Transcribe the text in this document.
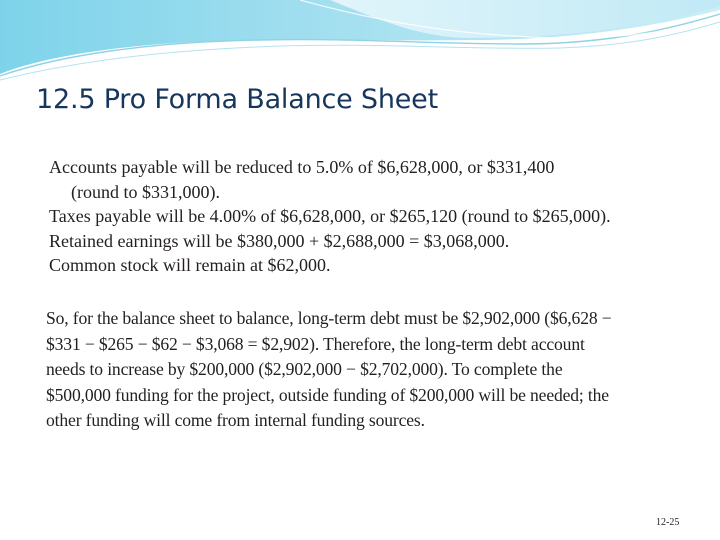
12.5 Pro Forma Balance Sheet
Accounts payable will be reduced to 5.0% of $6,628,000, or $331,400
(round to $331,000).
Taxes payable will be 4.00% of $6,628,000, or $265,120 (round to $265,000).
Retained earnings will be $380,000 + $2,688,000 = $3,068,000.
Common stock will remain at $62,000.
So, for the balance sheet to balance, long-term debt must be $2,902,000 ($6,628 −
$331 − $265 − $62 − $3,068 = $2,902). Therefore, the long-term debt account
needs to increase by $200,000 ($2,902,000 − $2,702,000). To complete the
$500,000 funding for the project, outside funding of $200,000 will be needed; the
other funding will come from internal funding sources.
12-25
